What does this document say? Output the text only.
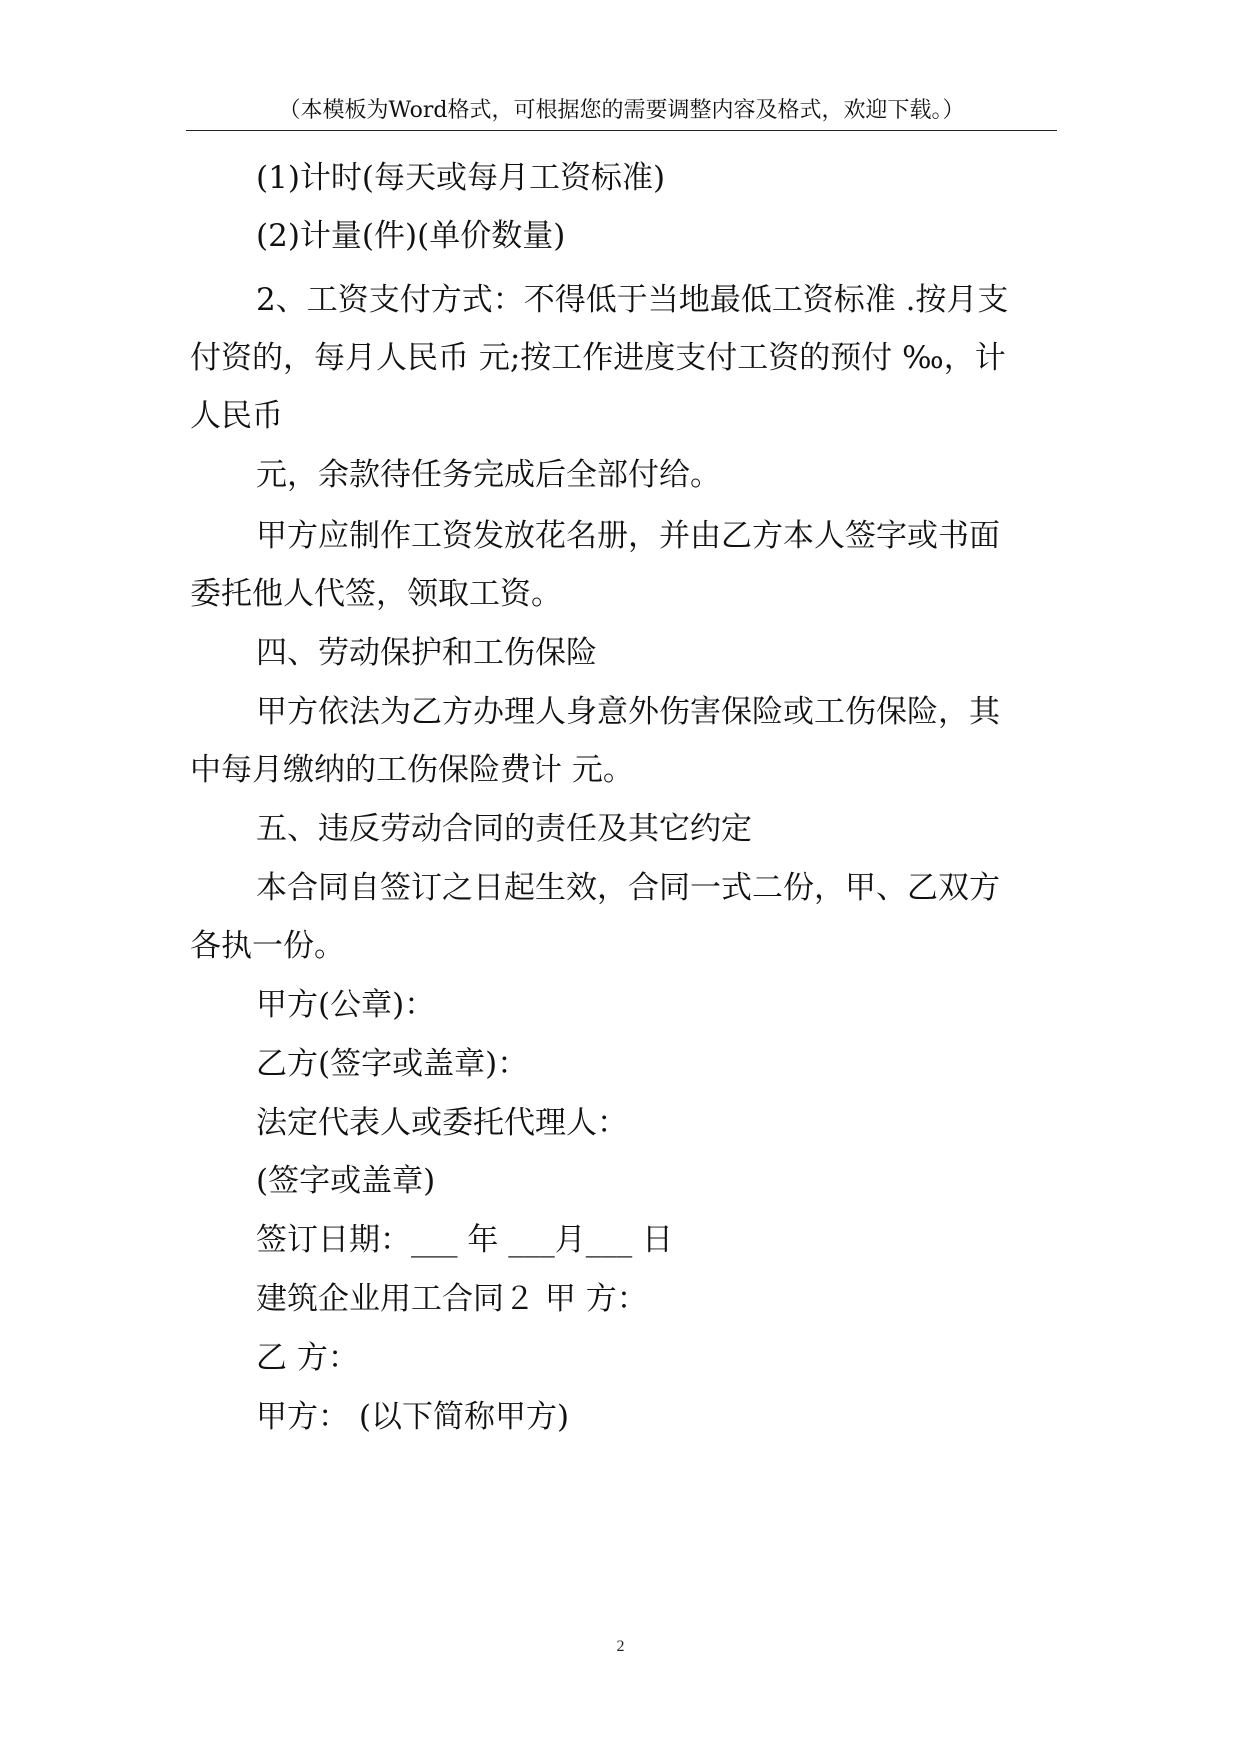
（本模板为Word格式，可根据您的需要调整内容及格式，欢迎下载。）
(1)计时(每天或每月工资标准)
(2)计量(件)(单价数量)
2、工资支付方式：不得低于当地最低工资标准 .按月支
付资的，每月人民币 元;按工作进度支付工资的预付 ‰，计
人民币
元，余款待任务完成后全部付给。
甲方应制作工资发放花名册，并由乙方本人签字或书面
委托他人代签，领取工资。
四、劳动保护和工伤保险
甲方依法为乙方办理人身意外伤害保险或工伤保险，其
中每月缴纳的工伤保险费计 元。
五、违反劳动合同的责任及其它约定
本合同自签订之日起生效，合同一式二份，甲、乙双方
各执一份。
甲方(公章)：
乙方(签字或盖章)：
法定代表人或委托代理人：
(签字或盖章)
签订日期：___ 年 ___月___ 日
建筑企业用工合同２ 甲 方：
乙 方：
甲方： (以下简称甲方)
2
